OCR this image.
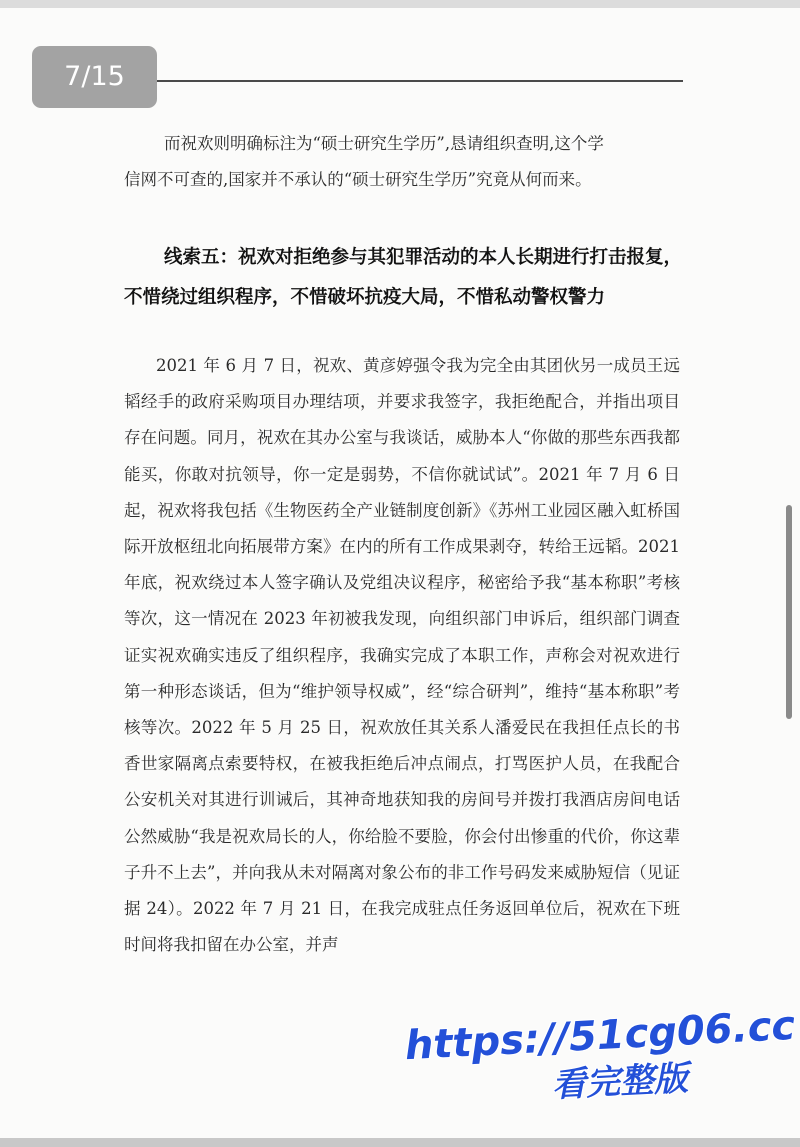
7/15

而祝欢则明确标注为“硕士研究生学历”,恳请组织查明,这个学

信网不可查的,国家并不承认的“硕士研究生学历”究竟从何而来。

线索五：祝欢对拒绝参与其犯罪活动的本人长期进行打击报复，不惜绕过组织程序，不惜破坏抗疫大局，不惜私动警权警力

2021 年 6 月 7 日，祝欢、黄彦婷强令我为完全由其团伙另一成员王远韬经手的政府采购项目办理结项，并要求我签字，我拒绝配合，并指出项目存在问题。同月，祝欢在其办公室与我谈话，威胁本人“你做的那些东西我都能买，你敢对抗领导，你一定是弱势，不信你就试试”。2021 年 7 月 6 日起，祝欢将我包括《生物医药全产业链制度创新》《苏州工业园区融入虹桥国际开放枢纽北向拓展带方案》在内的所有工作成果剥夺，转给王远韬。2021 年底，祝欢绕过本人签字确认及党组决议程序，秘密给予我“基本称职”考核等次，这一情况在 2023 年初被我发现，向组织部门申诉后，组织部门调查证实祝欢确实违反了组织程序，我确实完成了本职工作，声称会对祝欢进行第一种形态谈话，但为“维护领导权威”，经“综合研判”，维持“基本称职”考核等次。2022 年 5 月 25 日，祝欢放任其关系人潘爱民在我担任点长的书香世家隔离点索要特权，在被我拒绝后冲点闹点，打骂医护人员，在我配合公安机关对其进行训诫后，其神奇地获知我的房间号并拨打我酒店房间电话公然威胁“我是祝欢局长的人，你给脸不要脸，你会付出惨重的代价，你这辈子升不上去”，并向我从未对隔离对象公布的非工作号码发来威胁短信（见证据 24）。2022 年 7 月 21 日，在我完成驻点任务返回单位后，祝欢在下班时间将我扣留在办公室，并声

https://51cg06.cc
看完整版
